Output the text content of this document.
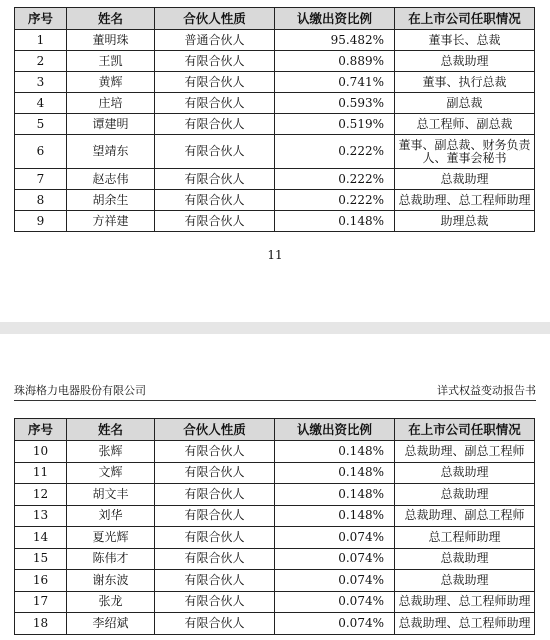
序号	姓名	合伙人性质	认缴出资比例	在上市公司任职情况
1	董明珠	普通合伙人	95.482%	董事长、总裁
2	王凯	有限合伙人	0.889%	总裁助理
3	黄辉	有限合伙人	0.741%	董事、执行总裁
4	庄培	有限合伙人	0.593%	副总裁
5	谭建明	有限合伙人	0.519%	总工程师、副总裁
6	望靖东	有限合伙人	0.222%	董事、副总裁、财务负责人、董事会秘书
7	赵志伟	有限合伙人	0.222%	总裁助理
8	胡余生	有限合伙人	0.222%	总裁助理、总工程师助理
9	方祥建	有限合伙人	0.148%	助理总裁
11
珠海格力电器股份有限公司	详式权益变动报告书
序号	姓名	合伙人性质	认缴出资比例	在上市公司任职情况
10	张辉	有限合伙人	0.148%	总裁助理、副总工程师
11	文辉	有限合伙人	0.148%	总裁助理
12	胡文丰	有限合伙人	0.148%	总裁助理
13	刘华	有限合伙人	0.148%	总裁助理、副总工程师
14	夏光辉	有限合伙人	0.074%	总工程师助理
15	陈伟才	有限合伙人	0.074%	总裁助理
16	谢东波	有限合伙人	0.074%	总裁助理
17	张龙	有限合伙人	0.074%	总裁助理、总工程师助理
18	李绍斌	有限合伙人	0.074%	总裁助理、总工程师助理
